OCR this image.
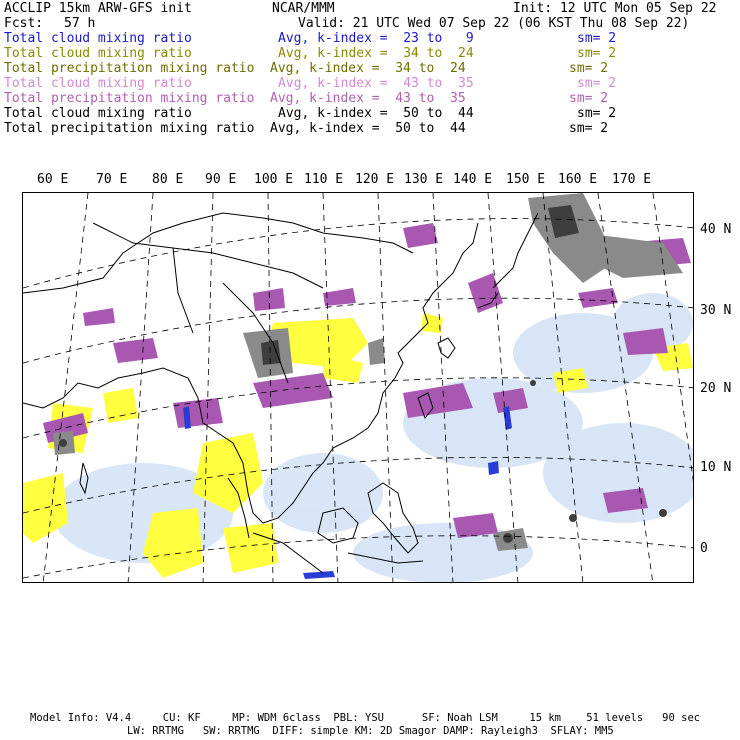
ACCLIP 15km ARW-GFS init	NCAR/MMM	Init: 12 UTC Mon 05 Sep 22
Fcst: 57 h	Valid: 21 UTC Wed 07 Sep 22 (06 KST Thu 08 Sep 22)
Total cloud mixing ratio	Avg, k-index =  23 to   9	sm= 2
Total cloud mixing ratio	Avg, k-index =  34 to  24	sm= 2
Total precipitation mixing ratio Avg, k-index =  34 to  24	sm= 2
Total cloud mixing ratio	Avg, k-index =  43 to  35	sm= 2
Total precipitation mixing ratio Avg, k-index =  43 to  35	sm= 2
Total cloud mixing ratio	Avg, k-index =  50 to  44	sm= 2
Total precipitation mixing ratio Avg, k-index =  50 to  44	sm= 2
60 E 70 E 80 E 90 E 100 E 110 E 120 E 130 E 140 E 150 E 160 E 170 E
40 N
30 N
20 N
10 N
0
Model Info: V4.4     CU: KF     MP: WDM 6class  PBL: YSU      SF: Noah LSM     15 km    51 levels   90 sec
LW: RRTMG   SW: RRTMG  DIFF: simple KM: 2D Smagor DAMP: Rayleigh3  SFLAY: MM5
